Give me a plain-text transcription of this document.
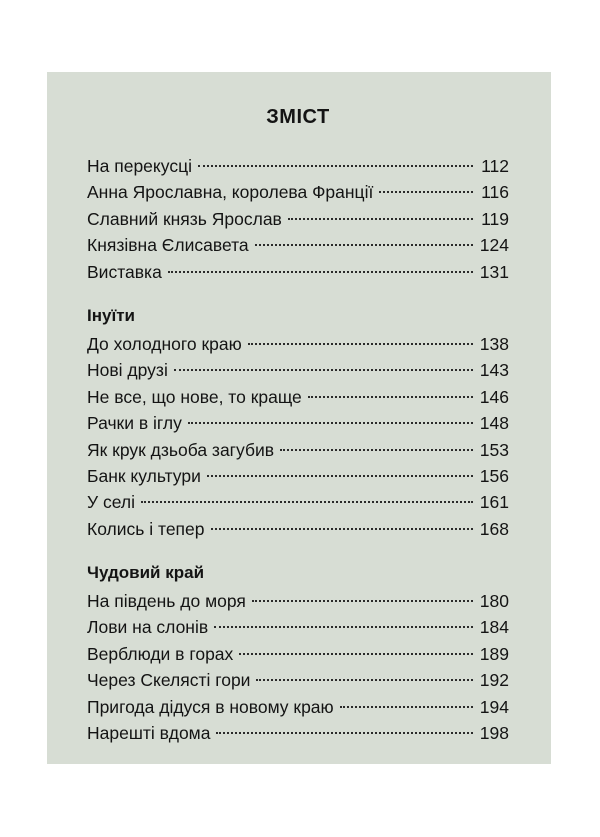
ЗМІСТ
На перекусці	112
Анна Ярославна, королева Франції	116
Славний князь Ярослав	119
Князівна Єлисавета	124
Виставка	131
Інуїти
До холодного краю	138
Нові друзі	143
Не все, що нове, то краще	146
Рачки в іглу	148
Як крук дзьоба загубив	153
Банк культури	156
У селі	161
Колись і тепер	168
Чудовий край
На південь до моря	180
Лови на слонів	184
Верблюди в горах	189
Через Скелясті гори	192
Пригода дідуся в новому краю	194
Нарешті вдома	198
